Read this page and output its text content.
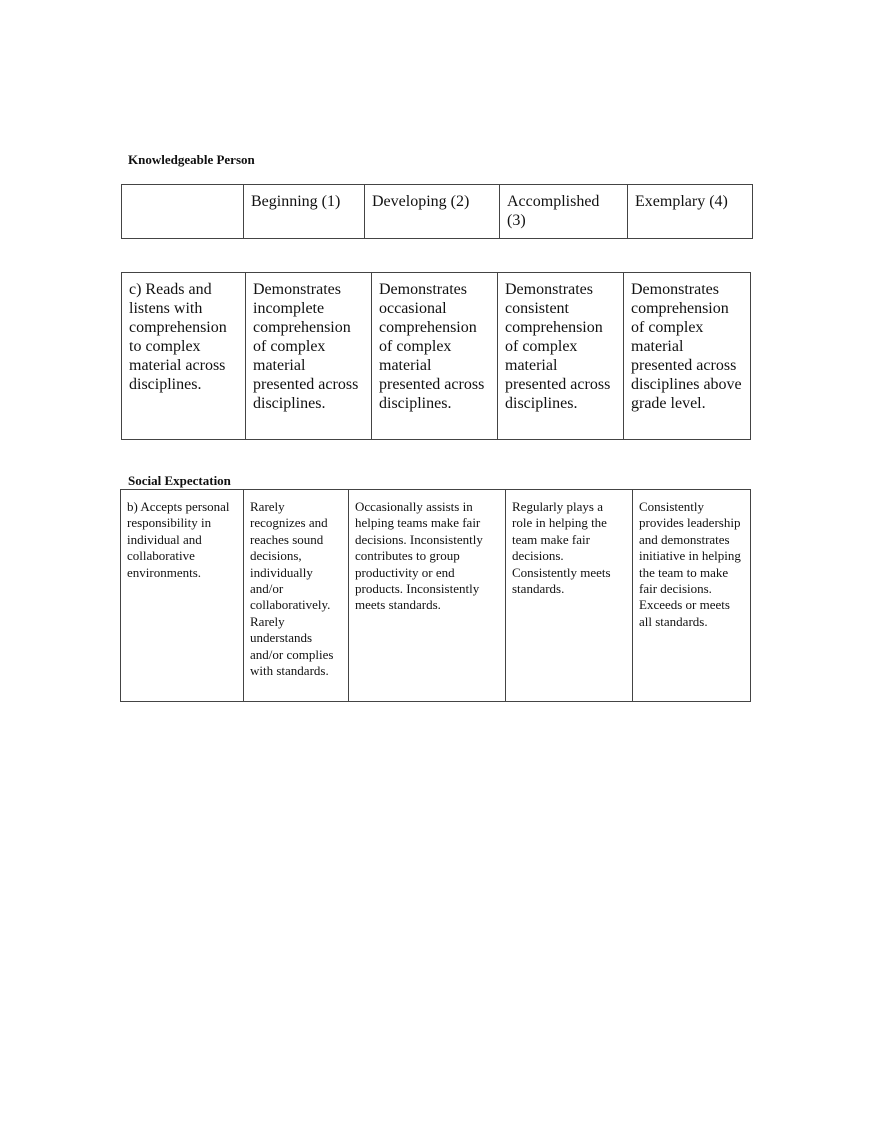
Knowledgeable Person
	Beginning (1)	Developing (2)	Accomplished (3)	Exemplary (4)
c) Reads and listens with comprehension to complex material across disciplines.	Demonstrates incomplete comprehension of complex material presented across disciplines.	Demonstrates occasional comprehension of complex material presented across disciplines.	Demonstrates consistent comprehension of complex material presented across disciplines.	Demonstrates comprehension of complex material presented across disciplines above grade level.
Social Expectation
b) Accepts personal responsibility in individual and collaborative environments.	Rarely recognizes and reaches sound decisions, individually and/or collaboratively. Rarely understands and/or complies with standards.	Occasionally assists in helping teams make fair decisions. Inconsistently contributes to group productivity or end products. Inconsistently meets standards.	Regularly plays a role in helping the team make fair decisions. Consistently meets standards.	Consistently provides leadership and demonstrates initiative in helping the team to make fair decisions. Exceeds or meets all standards.
